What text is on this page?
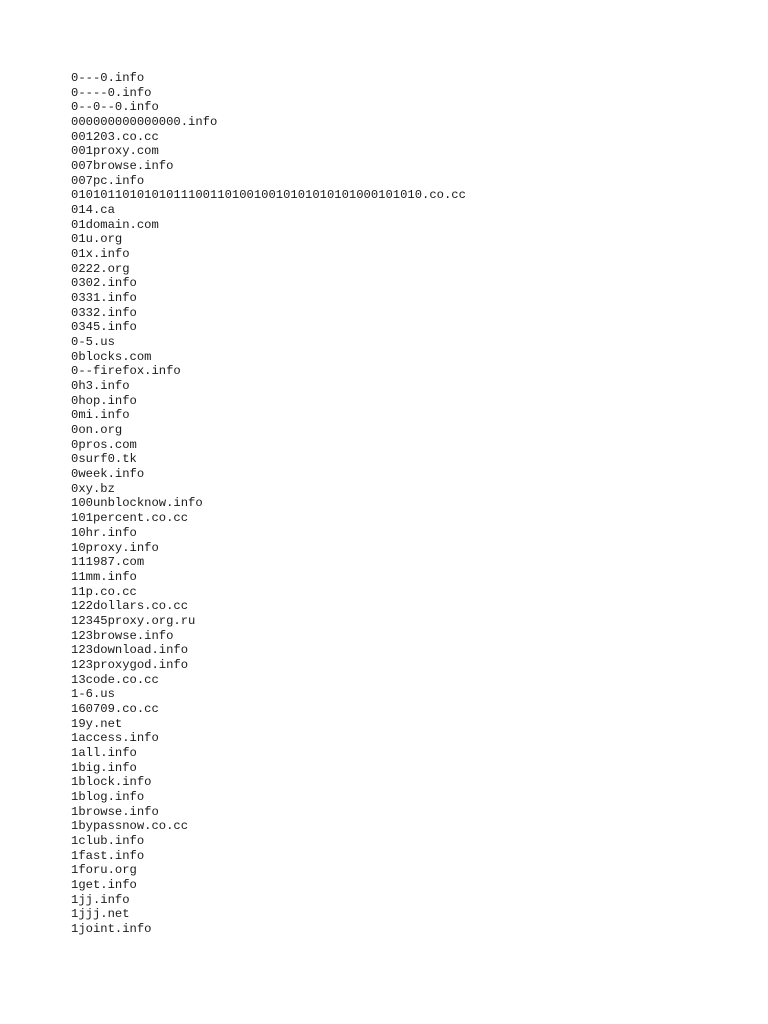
0---0.info
0----0.info
0--0--0.info
000000000000000.info
001203.co.cc
001proxy.com
007browse.info
007pc.info
010101101010101110011010010010101010101000101010.co.cc
014.ca
01domain.com
01u.org
01x.info
0222.org
0302.info
0331.info
0332.info
0345.info
0-5.us
0blocks.com
0--firefox.info
0h3.info
0hop.info
0mi.info
0on.org
0pros.com
0surf0.tk
0week.info
0xy.bz
100unblocknow.info
101percent.co.cc
10hr.info
10proxy.info
111987.com
11mm.info
11p.co.cc
122dollars.co.cc
12345proxy.org.ru
123browse.info
123download.info
123proxygod.info
13code.co.cc
1-6.us
160709.co.cc
19y.net
1access.info
1all.info
1big.info
1block.info
1blog.info
1browse.info
1bypassnow.co.cc
1club.info
1fast.info
1foru.org
1get.info
1jj.info
1jjj.net
1joint.info
